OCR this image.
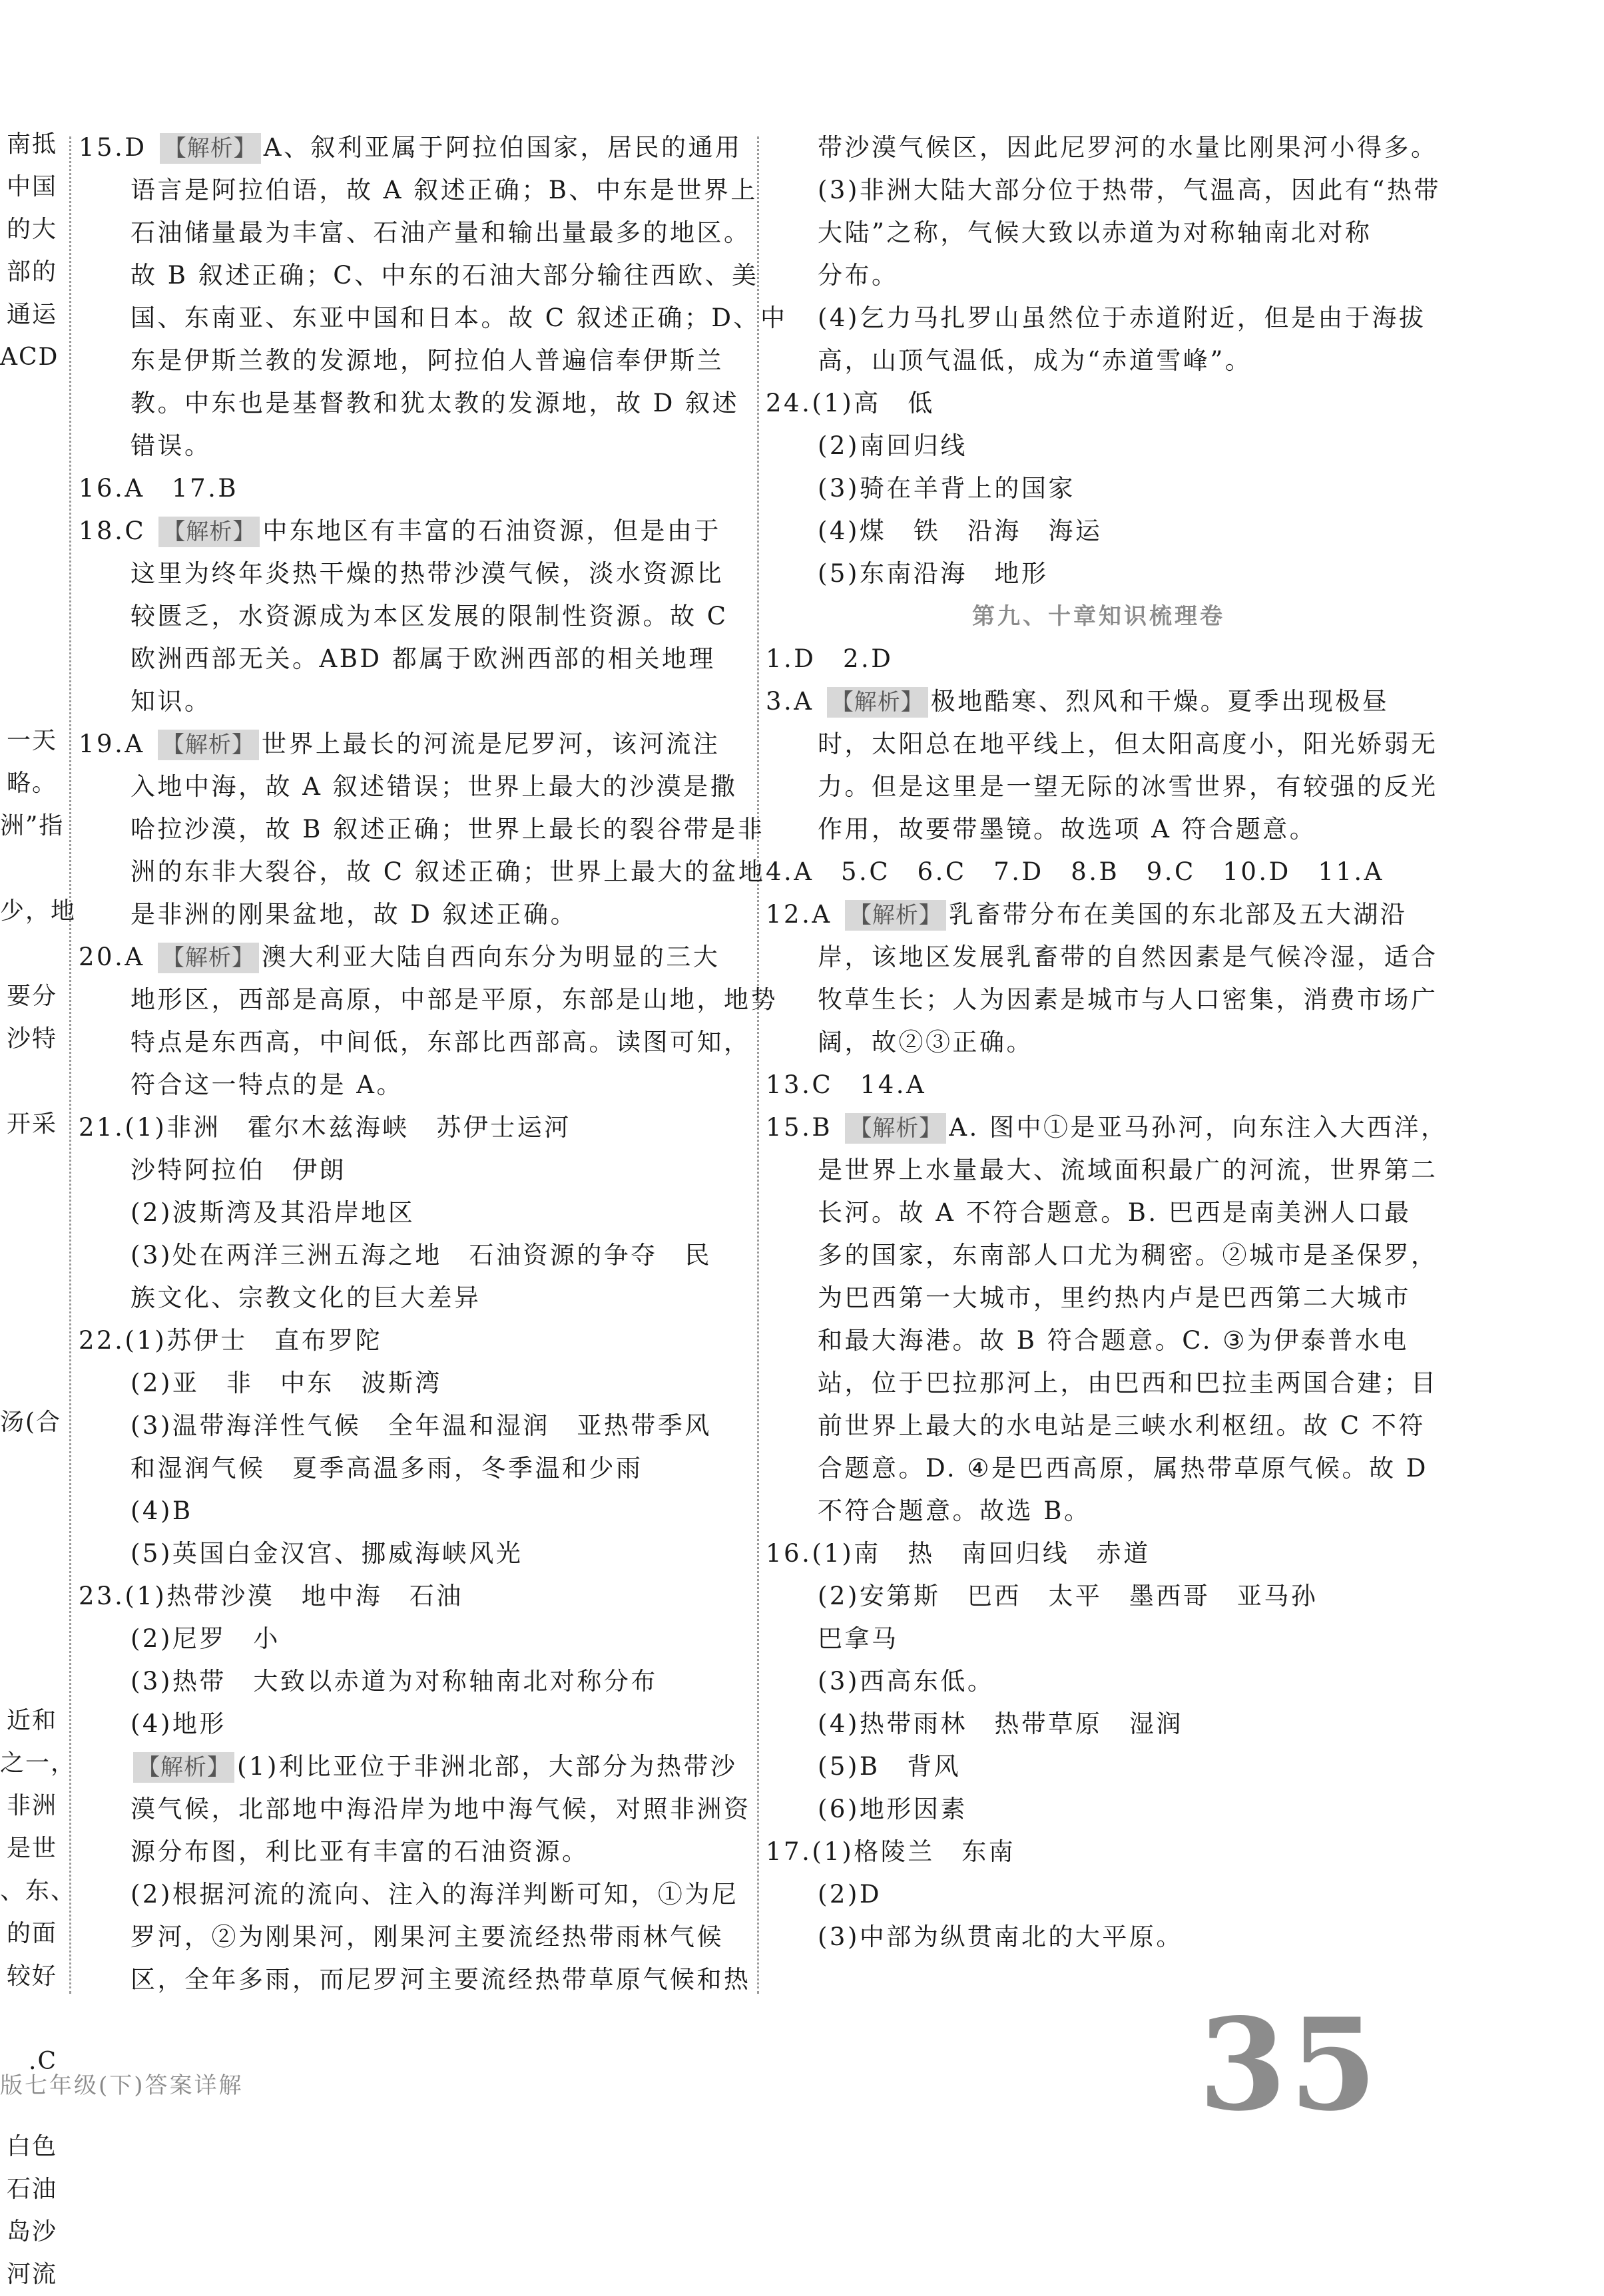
南抵
中国
的大
部的
通运
ACD
一天
略。
洲”指
少，地
要分
沙特
开采
汤(合
近和
之一，
非洲
是世
、东、
的面
较好
.C
白色
石油
岛沙
河流
15.D 【解析】 A、叙利亚属于阿拉伯国家，居民的通用
语言是阿拉伯语，故 A 叙述正确；B、中东是世界上
石油储量最为丰富、石油产量和输出量最多的地区。
故 B 叙述正确；C、中东的石油大部分输往西欧、美
国、东南亚、东亚中国和日本。故 C 叙述正确；D、中
东是伊斯兰教的发源地，阿拉伯人普遍信奉伊斯兰
教。中东也是基督教和犹太教的发源地，故 D 叙述
错误。
16.A　17.B
18.C 【解析】 中东地区有丰富的石油资源，但是由于
这里为终年炎热干燥的热带沙漠气候，淡水资源比
较匮乏，水资源成为本区发展的限制性资源。故 C
欧洲西部无关。ABD 都属于欧洲西部的相关地理
知识。
19.A 【解析】 世界上最长的河流是尼罗河，该河流注
入地中海，故 A 叙述错误；世界上最大的沙漠是撒
哈拉沙漠，故 B 叙述正确；世界上最长的裂谷带是非
洲的东非大裂谷，故 C 叙述正确；世界上最大的盆地
是非洲的刚果盆地，故 D 叙述正确。
20.A 【解析】 澳大利亚大陆自西向东分为明显的三大
地形区，西部是高原，中部是平原，东部是山地，地势
特点是东西高，中间低，东部比西部高。读图可知，
符合这一特点的是 A。
21.(1)非洲　霍尔木兹海峡　苏伊士运河
沙特阿拉伯　伊朗
(2)波斯湾及其沿岸地区
(3)处在两洋三洲五海之地　石油资源的争夺　民
族文化、宗教文化的巨大差异
22.(1)苏伊士　直布罗陀
(2)亚　非　中东　波斯湾
(3)温带海洋性气候　全年温和湿润　亚热带季风
和湿润气候　夏季高温多雨，冬季温和少雨
(4)B
(5)英国白金汉宫、挪威海峡风光
23.(1)热带沙漠　地中海　石油
(2)尼罗　小
(3)热带　大致以赤道为对称轴南北对称分布
(4)地形
【解析】 (1)利比亚位于非洲北部，大部分为热带沙
漠气候，北部地中海沿岸为地中海气候，对照非洲资
源分布图，利比亚有丰富的石油资源。
(2)根据河流的流向、注入的海洋判断可知，①为尼
罗河，②为刚果河，刚果河主要流经热带雨林气候
区，全年多雨，而尼罗河主要流经热带草原气候和热
带沙漠气候区，因此尼罗河的水量比刚果河小得多。
(3)非洲大陆大部分位于热带，气温高，因此有“热带
大陆”之称，气候大致以赤道为对称轴南北对称
分布。
(4)乞力马扎罗山虽然位于赤道附近，但是由于海拔
高，山顶气温低，成为“赤道雪峰”。
24.(1)高　低
(2)南回归线
(3)骑在羊背上的国家
(4)煤　铁　沿海　海运
(5)东南沿海　地形
第九、十章知识梳理卷
1.D　2.D
3.A 【解析】 极地酷寒、烈风和干燥。夏季出现极昼
时，太阳总在地平线上，但太阳高度小，阳光娇弱无
力。但是这里是一望无际的冰雪世界，有较强的反光
作用，故要带墨镜。故选项 A 符合题意。
4.A　5.C　6.C　7.D　8.B　9.C　10.D　11.A
12.A 【解析】 乳畜带分布在美国的东北部及五大湖沿
岸，该地区发展乳畜带的自然因素是气候冷湿，适合
牧草生长；人为因素是城市与人口密集，消费市场广
阔，故②③正确。
13.C　14.A
15.B 【解析】 A. 图中①是亚马孙河，向东注入大西洋，
是世界上水量最大、流域面积最广的河流，世界第二
长河。故 A 不符合题意。B. 巴西是南美洲人口最
多的国家，东南部人口尤为稠密。②城市是圣保罗，
为巴西第一大城市，里约热内卢是巴西第二大城市
和最大海港。故 B 符合题意。C. ③为伊泰普水电
站，位于巴拉那河上，由巴西和巴拉圭两国合建；目
前世界上最大的水电站是三峡水利枢纽。故 C 不符
合题意。D. ④是巴西高原，属热带草原气候。故 D
不符合题意。故选 B。
16.(1)南　热　南回归线　赤道
(2)安第斯　巴西　太平　墨西哥　亚马孙
巴拿马
(3)西高东低。
(4)热带雨林　热带草原　湿润
(5)B　背风
(6)地形因素
17.(1)格陵兰　东南
(2)D
(3)中部为纵贯南北的大平原。
版七年级(下)答案详解	35
